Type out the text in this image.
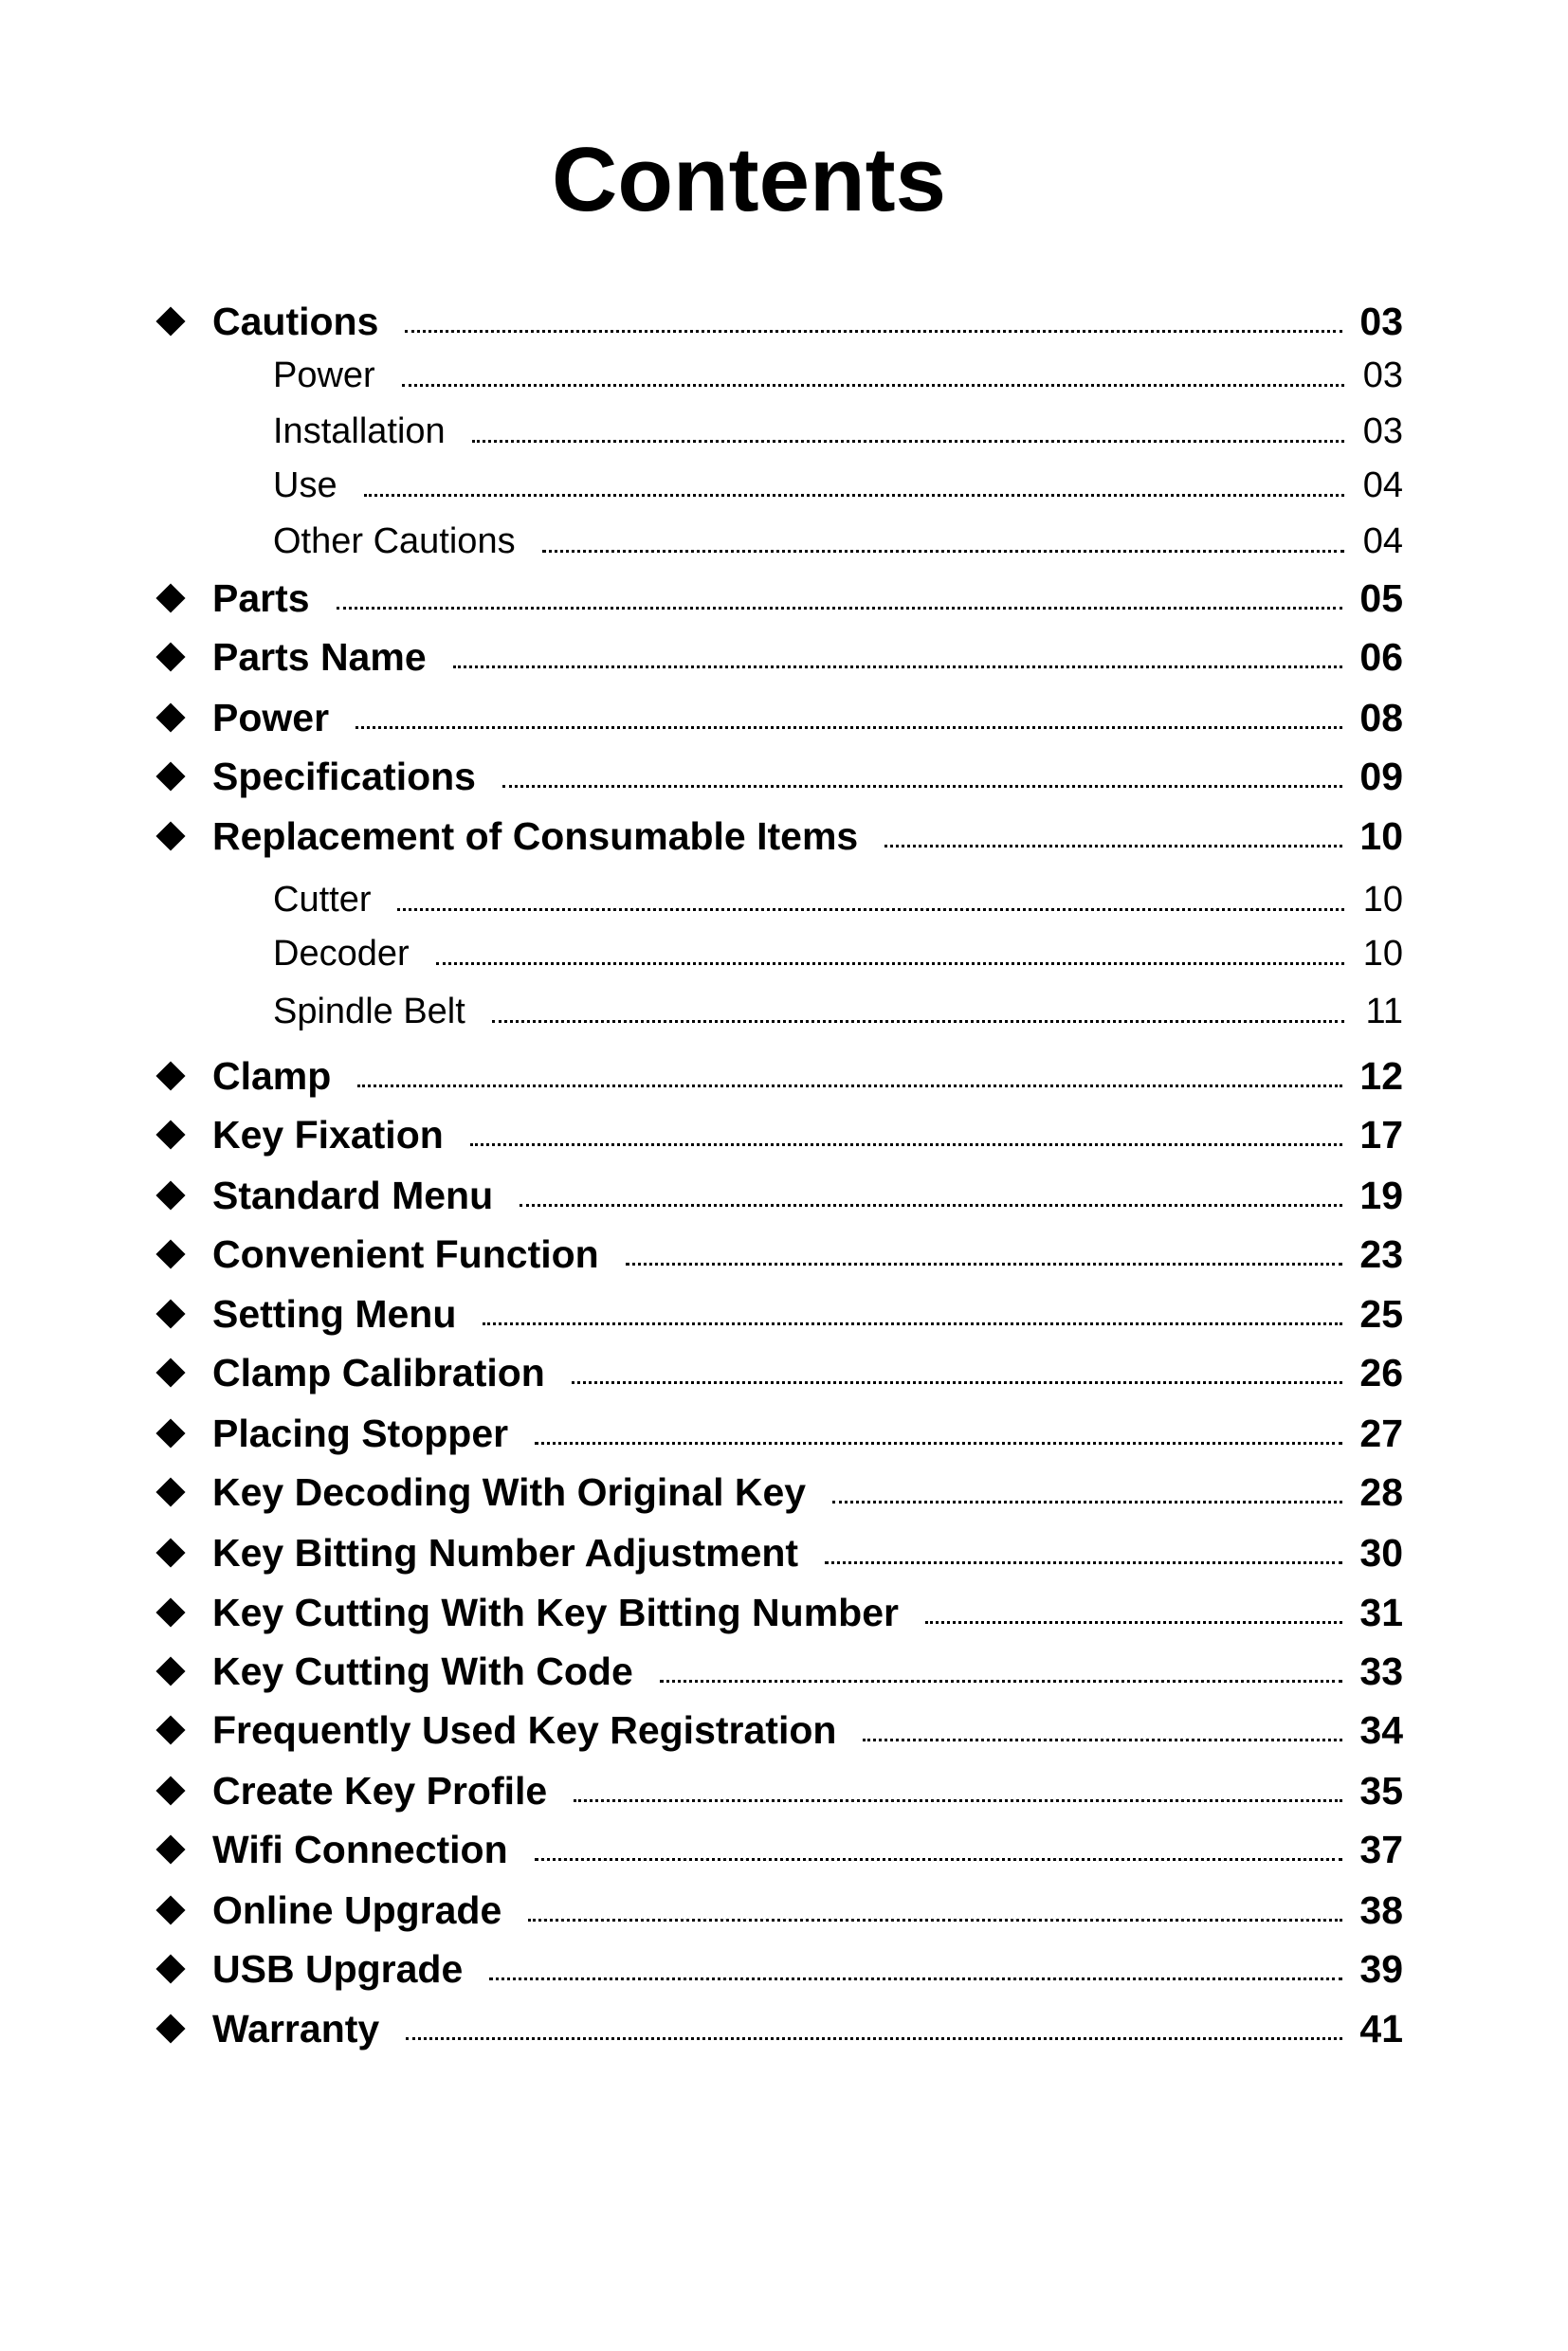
Contents
Cautions	03
Power	03
Installation	03
Use	04
Other Cautions	04
Parts	05
Parts Name	06
Power	08
Specifications	09
Replacement of Consumable Items	10
Cutter	10
Decoder	10
Spindle Belt	11
Clamp	12
Key Fixation	17
Standard Menu	19
Convenient Function	23
Setting Menu	25
Clamp Calibration	26
Placing Stopper	27
Key Decoding With Original Key	28
Key Bitting Number Adjustment	30
Key Cutting With Key Bitting Number	31
Key Cutting With Code	33
Frequently Used Key Registration	34
Create Key Profile	35
Wifi Connection	37
Online Upgrade	38
USB Upgrade	39
Warranty	41
